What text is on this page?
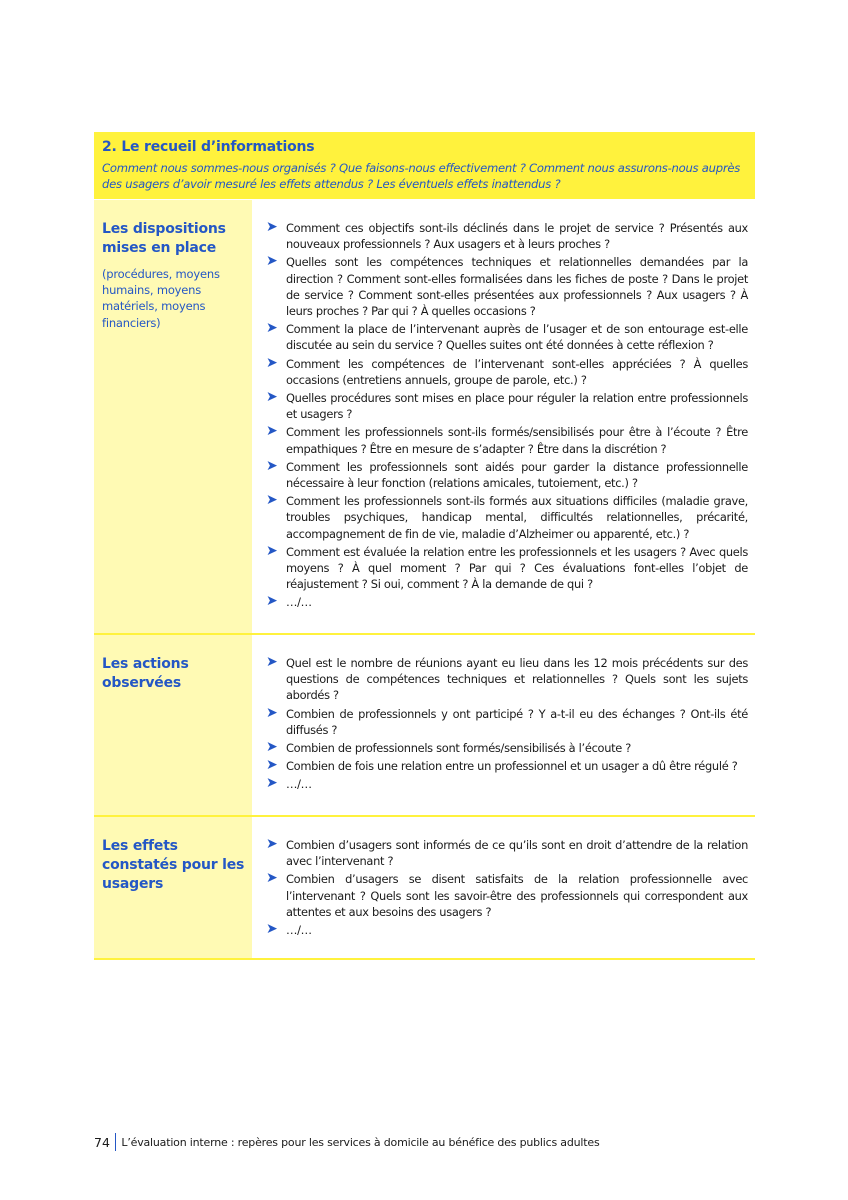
2. Le recueil d’informations
Comment nous sommes-nous organisés ? Que faisons-nous effectivement ? Comment nous assurons-nous auprès des usagers d’avoir mesuré les effets attendus ? Les éventuels effets inattendus ?
Les dispositions mises en place
(procédures, moyens humains, moyens matériels, moyens financiers)
➤ Comment ces objectifs sont-ils déclinés dans le projet de service ? Présentés aux nouveaux professionnels ? Aux usagers et à leurs proches ?
➤ Quelles sont les compétences techniques et relationnelles demandées par la direction ? Comment sont-elles formalisées dans les fiches de poste ? Dans le projet de service ? Comment sont-elles présentées aux professionnels ? Aux usagers ? À leurs proches ? Par qui ? À quelles occasions ?
➤ Comment la place de l’intervenant auprès de l’usager et de son entourage est-elle discutée au sein du service ? Quelles suites ont été données à cette réflexion ?
➤ Comment les compétences de l’intervenant sont-elles appréciées ? À quelles occasions (entretiens annuels, groupe de parole, etc.) ?
➤ Quelles procédures sont mises en place pour réguler la relation entre professionnels et usagers ?
➤ Comment les professionnels sont-ils formés/sensibilisés pour être à l’écoute ? Être empathiques ? Être en mesure de s’adapter ? Être dans la discrétion ?
➤ Comment les professionnels sont aidés pour garder la distance professionnelle nécessaire à leur fonction (relations amicales, tutoiement, etc.) ?
➤ Comment les professionnels sont-ils formés aux situations difficiles (maladie grave, troubles psychiques, handicap mental, difficultés relationnelles, précarité, accompagnement de fin de vie, maladie d’Alzheimer ou apparenté, etc.) ?
➤ Comment est évaluée la relation entre les professionnels et les usagers ? Avec quels moyens ? À quel moment ? Par qui ? Ces évaluations font-elles l’objet de réajustement ? Si oui, comment ? À la demande de qui ?
➤ …/…
Les actions observées
➤ Quel est le nombre de réunions ayant eu lieu dans les 12 mois précédents sur des questions de compétences techniques et relationnelles ? Quels sont les sujets abordés ?
➤ Combien de professionnels y ont participé ? Y a-t-il eu des échanges ? Ont-ils été diffusés ?
➤ Combien de professionnels sont formés/sensibilisés à l’écoute ?
➤ Combien de fois une relation entre un professionnel et un usager a dû être régulé ?
➤ …/…
Les effets constatés pour les usagers
➤ Combien d’usagers sont informés de ce qu’ils sont en droit d’attendre de la relation avec l’intervenant ?
➤ Combien d’usagers se disent satisfaits de la relation professionnelle avec l’intervenant ? Quels sont les savoir-être des professionnels qui correspondent aux attentes et aux besoins des usagers ?
➤ …/…
74	L’évaluation interne : repères pour les services à domicile au bénéfice des publics adultes
